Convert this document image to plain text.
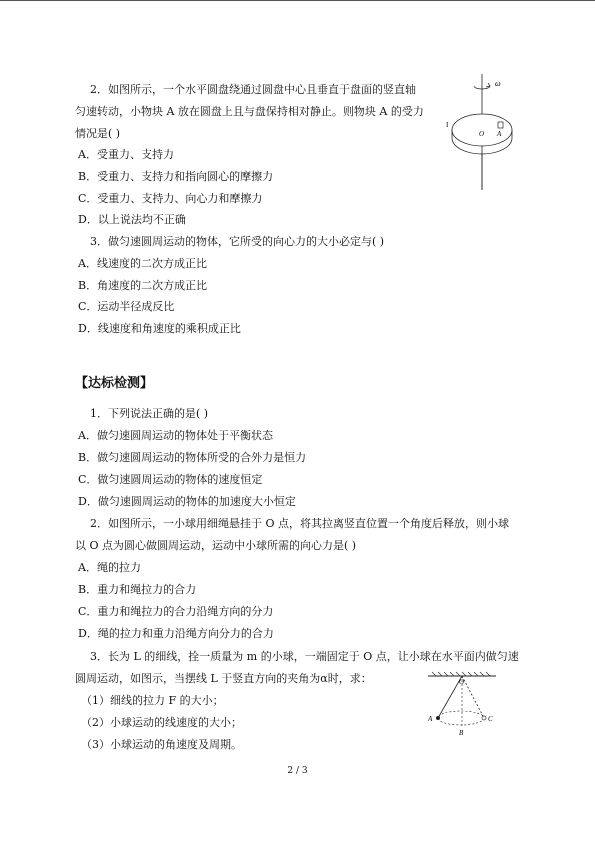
2．如图所示，一个水平圆盘绕通过圆盘中心且垂直于盘面的竖直轴
匀速转动，小物块 A 放在圆盘上且与盘保持相对静止。则物块 A 的受力
情况是( )
A．受重力、支持力
B．受重力、支持力和指向圆心的摩擦力
C．受重力、支持力、向心力和摩擦力
D．以上说法均不正确
3．做匀速圆周运动的物体，它所受的向心力的大小必定与( )
A．线速度的二次方成正比
B．角速度的二次方成正比
C．运动半径成反比
D．线速度和角速度的乘积成正比
【达标检测】
1．下列说法正确的是( )
A．做匀速圆周运动的物体处于平衡状态
B．做匀速圆周运动的物体所受的合外力是恒力
C．做匀速圆周运动的物体的速度恒定
D．做匀速圆周运动的物体的加速度大小恒定
2．如图所示，一小球用细绳悬挂于 O 点，将其拉离竖直位置一个角度后释放，则小球
以 O 点为圆心做圆周运动，运动中小球所需的向心力是( )
A．绳的拉力
B．重力和绳拉力的合力
C．重力和绳拉力的合力沿绳方向的分力
D．绳的拉力和重力沿绳方向分力的合力
3．长为 L 的细线，拴一质量为 m 的小球，一端固定于 O 点，让小球在水平面内做匀速
圆周运动，如图示，当摆线 L 于竖直方向的夹角为α时，求：
（1）细线的拉力 F 的大小；
（2）小球运动的线速度的大小；
（3）小球运动的角速度及周期。
ω
I
O A
O
A	C
B
2 / 3
